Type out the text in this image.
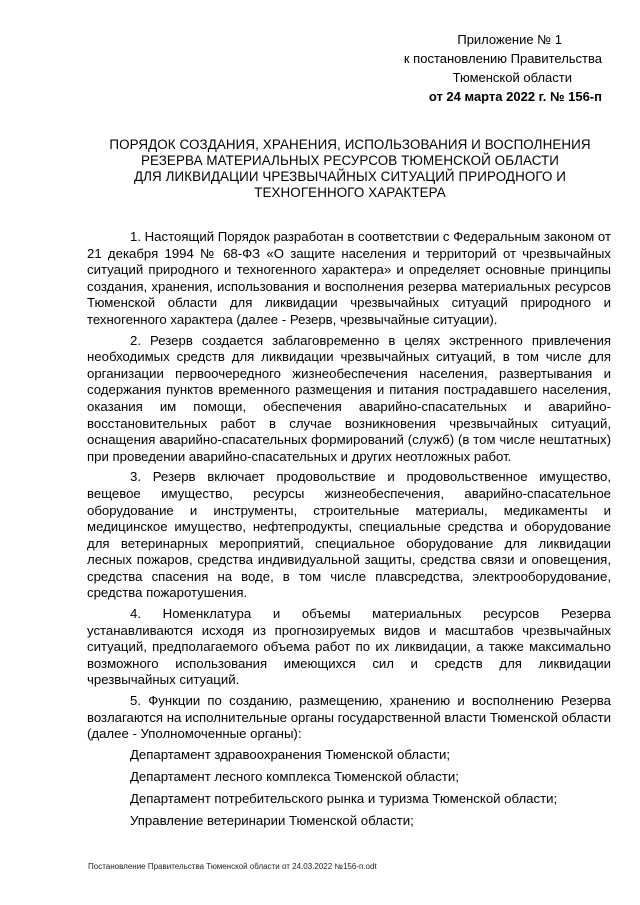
Приложение № 1
к постановлению Правительства
Тюменской области
от 24 марта 2022 г. № 156-п
ПОРЯДОК СОЗДАНИЯ, ХРАНЕНИЯ, ИСПОЛЬЗОВАНИЯ И ВОСПОЛНЕНИЯ
РЕЗЕРВА МАТЕРИАЛЬНЫХ РЕСУРСОВ ТЮМЕНСКОЙ ОБЛАСТИ
ДЛЯ ЛИКВИДАЦИИ ЧРЕЗВЫЧАЙНЫХ СИТУАЦИЙ ПРИРОДНОГО И
ТЕХНОГЕННОГО ХАРАКТЕРА

1. Настоящий Порядок разработан в соответствии с Федеральным законом от 21 декабря 1994 № 68-ФЗ «О защите населения и территорий от чрезвычайных ситуаций природного и техногенного характера» и определяет основные принципы создания, хранения, использования и восполнения резерва материальных ресурсов Тюменской области для ликвидации чрезвычайных ситуаций природного и техногенного характера (далее - Резерв, чрезвычайные ситуации).

2. Резерв создается заблаговременно в целях экстренного привлечения необходимых средств для ликвидации чрезвычайных ситуаций, в том числе для организации первоочередного жизнеобеспечения населения, развертывания и содержания пунктов временного размещения и питания пострадавшего населения, оказания им помощи, обеспечения аварийно-спасательных и аварийно-восстановительных работ в случае возникновения чрезвычайных ситуаций, оснащения аварийно-спасательных формирований (служб) (в том числе нештатных) при проведении аварийно-спасательных и других неотложных работ.

3. Резерв включает продовольствие и продовольственное имущество, вещевое имущество, ресурсы жизнеобеспечения, аварийно-спасательное оборудование и инструменты, строительные материалы, медикаменты и медицинское имущество, нефтепродукты, специальные средства и оборудование для ветеринарных мероприятий, специальное оборудование для ликвидации лесных пожаров, средства индивидуальной защиты, средства связи и оповещения, средства спасения на воде, в том числе плавсредства, электрооборудование, средства пожаротушения.

4. Номенклатура и объемы материальных ресурсов Резерва устанавливаются исходя из прогнозируемых видов и масштабов чрезвычайных ситуаций, предполагаемого объема работ по их ликвидации, а также максимально возможного использования имеющихся сил и средств для ликвидации чрезвычайных ситуаций.

5. Функции по созданию, размещению, хранению и восполнению Резерва возлагаются на исполнительные органы государственной власти Тюменской области (далее - Уполномоченные органы):

Департамент здравоохранения Тюменской области;
Департамент лесного комплекса Тюменской области;
Департамент потребительского рынка и туризма Тюменской области;
Управление ветеринарии Тюменской области;
Постановление Правительства Тюменской области от 24.03.2022 №156-п.odt
